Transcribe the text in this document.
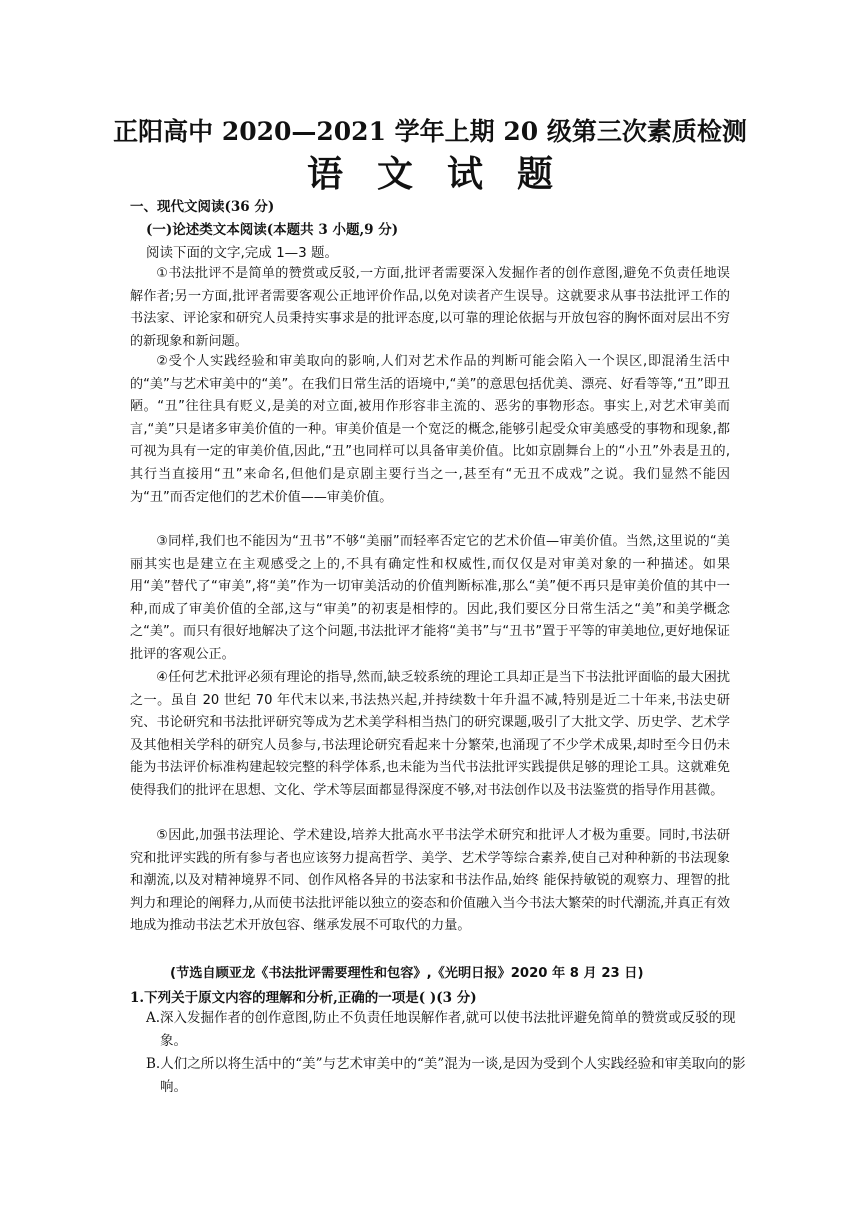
正阳高中 2020—2021 学年上期 20 级第三次素质检测
语文试题
一、现代文阅读(36 分)
(一)论述类文本阅读(本题共 3 小题,9 分)
阅读下面的文字,完成 1—3 题。

①书法批评不是简单的赞赏或反驳,一方面,批评者需要深入发掘作者的创作意图,避免不负责任地误解作者;另一方面,批评者需要客观公正地评价作品,以免对读者产生误导。这就要求从事书法批评工作的书法家、评论家和研究人员秉持实事求是的批评态度,以可靠的理论依据与开放包容的胸怀面对层出不穷的新现象和新问题。

②受个人实践经验和审美取向的影响,人们对艺术作品的判断可能会陷入一个误区,即混淆生活中的“美”与艺术审美中的“美”。在我们日常生活的语境中,“美”的意思包括优美、漂亮、好看等等,“丑”即丑陋。“丑”往往具有贬义,是美的对立面,被用作形容非主流的、恶劣的事物形态。事实上,对艺术审美而言,“美”只是诸多审美价值的一种。审美价值是一个宽泛的概念,能够引起受众审美感受的事物和现象,都可视为具有一定的审美价值,因此,“丑”也同样可以具备审美价值。比如京剧舞台上的“小丑”外表是丑的,其行当直接用“丑”来命名,但他们是京剧主要行当之一,甚至有“无丑不成戏”之说。我们显然不能因为“丑”而否定他们的艺术价值——审美价值。

③同样,我们也不能因为“丑书”不够“美丽”而轻率否定它的艺术价值—审美价值。当然,这里说的“美丽其实也是建立在主观感受之上的,不具有确定性和权威性,而仅仅是对审美对象的一种描述。如果用“美”替代了“审美”,将“美”作为一切审美活动的价值判断标准,那么“美”便不再只是审美价值的其中一种,而成了审美价值的全部,这与“审美”的初衷是相悖的。因此,我们要区分日常生活之“美”和美学概念之“美”。而只有很好地解决了这个问题,书法批评才能将“美书”与“丑书”置于平等的审美地位,更好地保证批评的客观公正。

④任何艺术批评必须有理论的指导,然而,缺乏较系统的理论工具却正是当下书法批评面临的最大困扰之一。虽自 20 世纪 70 年代末以来,书法热兴起,并持续数十年升温不减,特别是近二十年来,书法史研究、书论研究和书法批评研究等成为艺术美学科相当热门的研究课题,吸引了大批文学、历史学、艺术学及其他相关学科的研究人员参与,书法理论研究看起来十分繁荣,也涌现了不少学术成果,却时至今日仍未能为书法评价标准构建起较完整的科学体系,也未能为当代书法批评实践提供足够的理论工具。这就难免使得我们的批评在思想、文化、学术等层面都显得深度不够,对书法创作以及书法鉴赏的指导作用甚微。

⑤因此,加强书法理论、学术建设,培养大批高水平书法学术研究和批评人才极为重要。同时,书法研究和批评实践的所有参与者也应该努力提高哲学、美学、艺术学等综合素养,使自己对种种新的书法现象和潮流,以及对精神境界不同、创作风格各异的书法家和书法作品,始终 能保持敏锐的观察力、理智的批判力和理论的阐释力,从而使书法批评能以独立的姿态和价值融入当今书法大繁荣的时代潮流,并真正有效地成为推动书法艺术开放包容、继承发展不可取代的力量。

(节选自顾亚龙《书法批评需要理性和包容》,《光明日报》2020 年 8 月 23 日)
1.下列关于原文内容的理解和分析,正确的一项是( )(3 分)

A.深入发掘作者的创作意图,防止不负责任地误解作者,就可以使书法批评避免简单的赞赏或反驳的现象。

B.人们之所以将生活中的“美”与艺术审美中的“美”混为一谈,是因为受到个人实践经验和审美取向的影响。
